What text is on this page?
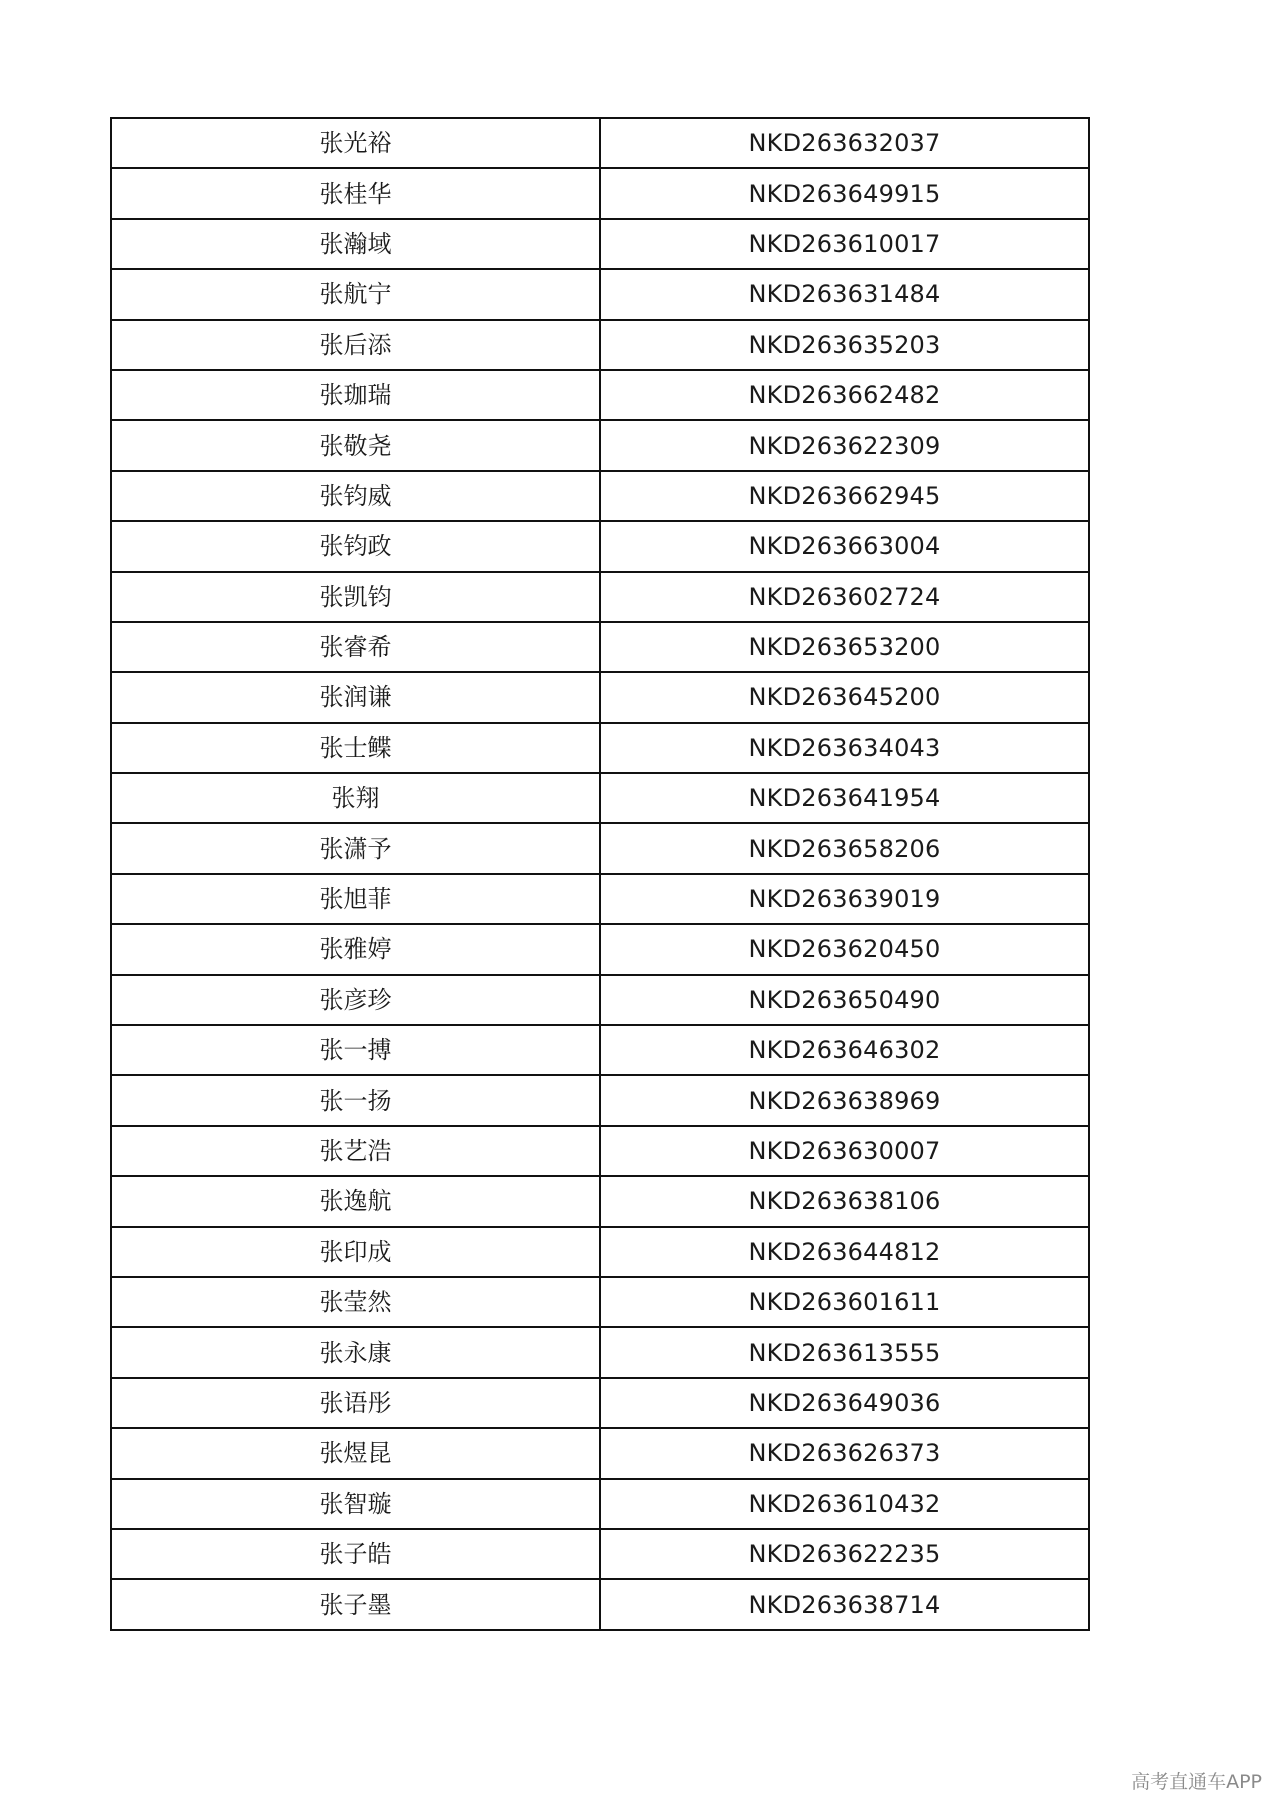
张光裕	NKD263632037
张桂华	NKD263649915
张瀚域	NKD263610017
张航宁	NKD263631484
张后添	NKD263635203
张珈瑞	NKD263662482
张敬尧	NKD263622309
张钧威	NKD263662945
张钧政	NKD263663004
张凯钧	NKD263602724
张睿希	NKD263653200
张润谦	NKD263645200
张士鲽	NKD263634043
张翔	NKD263641954
张潇予	NKD263658206
张旭菲	NKD263639019
张雅婷	NKD263620450
张彦珍	NKD263650490
张一搏	NKD263646302
张一扬	NKD263638969
张艺浩	NKD263630007
张逸航	NKD263638106
张印成	NKD263644812
张莹然	NKD263601611
张永康	NKD263613555
张语彤	NKD263649036
张煜昆	NKD263626373
张智璇	NKD263610432
张子皓	NKD263622235
张子墨	NKD263638714
高考直通车APP
